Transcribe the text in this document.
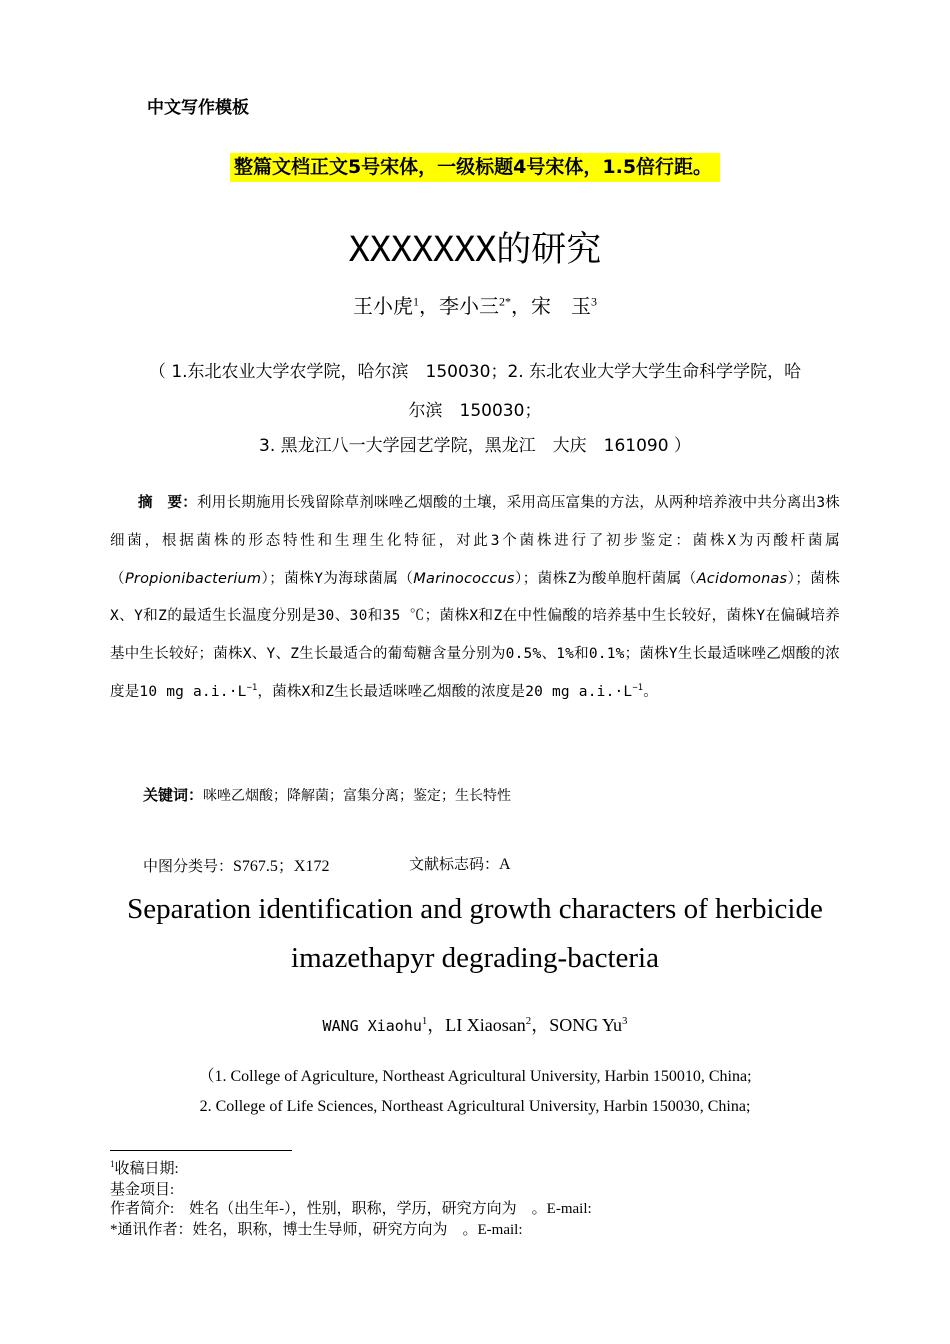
中文写作模板
整篇文档正文5号宋体，一级标题4号宋体，1.5倍行距。
XXXXXXX的研究
王小虎$^1$，李小三$^{2*}$，宋　玉$^3$
（ 1.东北农业大学农学院，哈尔滨　150030；2. 东北农业大学大学生命科学学院，哈
尔滨　150030；
3. 黑龙江八一大学园艺学院，黑龙江　大庆　161090 ）
摘　要：利用长期施用长残留除草剂咪唑乙烟酸的土壤，采用高压富集的方法，从两种培养液中共分离出3株细菌，根据菌株的形态特性和生理生化特征，对此3个菌株进行了初步鉴定：菌株X为丙酸杆菌属（Propionibacterium）；菌株Y为海球菌属（Marinococcus）；菌株Z为酸单胞杆菌属（Acidomonas）；菌株X、Y和Z的最适生长温度分别是30、30和35 ℃；菌株X和Z在中性偏酸的培养基中生长较好，菌株Y在偏碱培养基中生长较好；菌株X、Y、Z生长最适合的葡萄糖含量分别为0.5%、1%和0.1%；菌株Y生长最适咪唑乙烟酸的浓度是10 mg $a.i.\cdot L^{-1}$，菌株X和Z生长最适咪唑乙烟酸的浓度是20 mg $a.i.\cdot L^{-1}$。
关键词：咪唑乙烟酸；降解菌；富集分离；鉴定；生长特性
中图分类号：S767.5；X172	文献标志码：A
Separation identification and growth characters of herbicide
imazethapyr degrading-bacteria
WANG Xiaohu$^1$，LI Xiaosan$^2$，SONG Yu$^3$
（1. College of Agriculture, Northeast Agricultural University, Harbin 150010, China;
2. College of Life Sciences, Northeast Agricultural University, Harbin 150030, China;
$^1$收稿日期:
基金项目:
作者简介:　姓名（出生年-），性别，职称，学历，研究方向为　。E-mail:
*通讯作者：姓名，职称，博士生导师，研究方向为　。E-mail:
